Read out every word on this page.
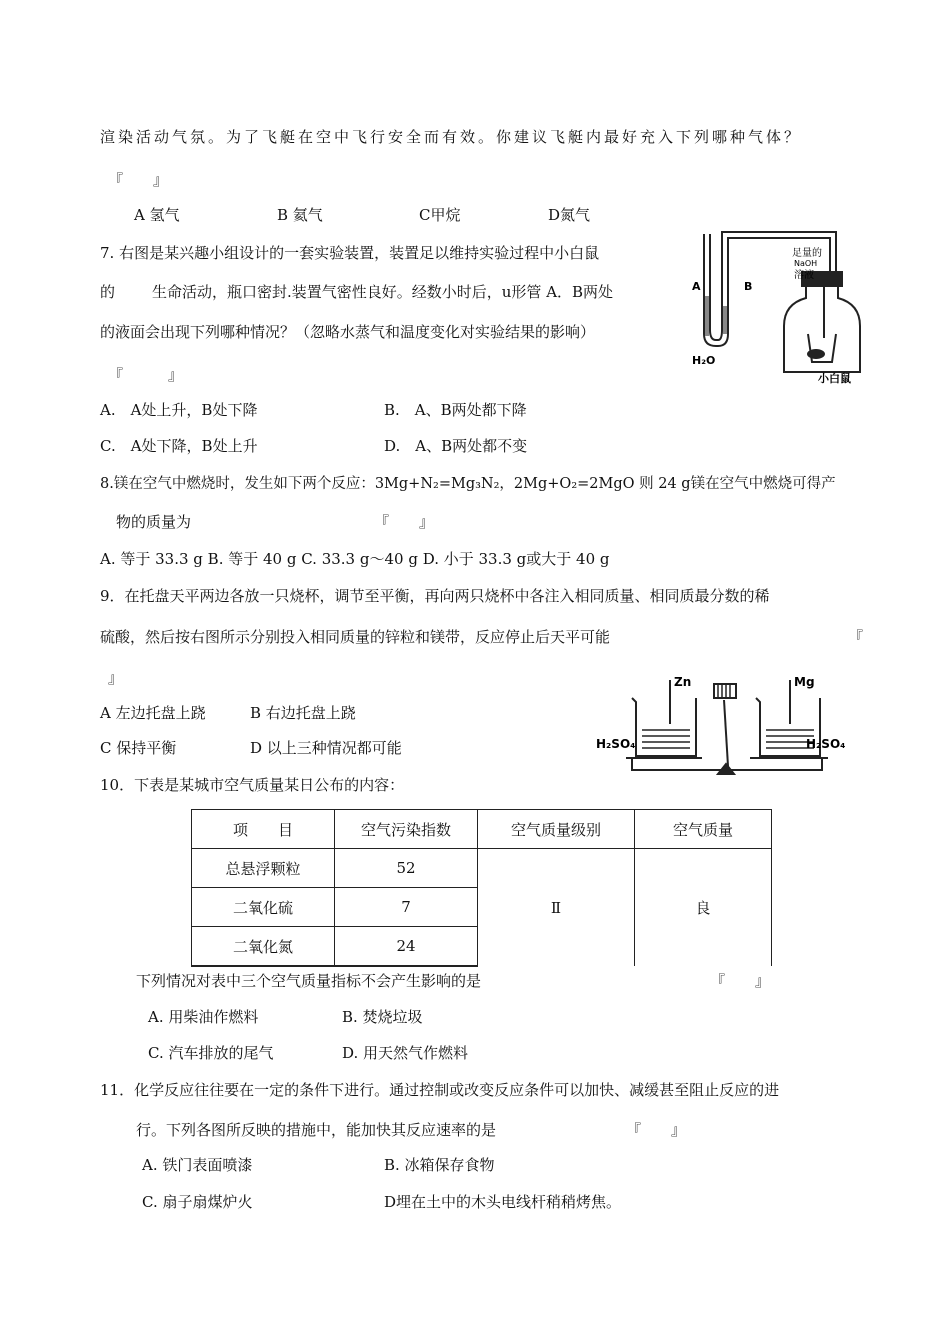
渲染活动气氛。为了飞艇在空中飞行安全而有效。你建议飞艇内最好充入下列哪种气体？
『　　』
A 氢气	B 氦气	C甲烷	D氮气
7. 右图是某兴趣小组设计的一套实验装置，装置足以维持实验过程中小白鼠
的 生命活动，瓶口密封.装置气密性良好。经数小时后，u形管 A．B两处
的液面会出现下列哪种情况？（忽略水蒸气和温度变化对实验结果的影响）
『　　　』
A.　A处上升，B处下降	B.　A、B两处都下降
C.　A处下降，B处上升	D.　A、B两处都不变
足量的
NaOH
溶液
A	B
H₂O
小白鼠
8.镁在空气中燃烧时，发生如下两个反应：3Mg+N₂=Mg₃N₂，2Mg+O₂=2MgO 则 24 g镁在空气中燃烧可得产
物的质量为	『　　』
A. 等于 33.3 g B. 等于 40 g C. 33.3 g～40 g D. 小于 33.3 g或大于 40 g
9．在托盘天平两边各放一只烧杯，调节至平衡，再向两只烧杯中各注入相同质量、相同质最分数的稀
硫酸，然后按右图所示分别投入相同质量的锌粒和镁带，反应停止后天平可能	『
』
A 左边托盘上跷	B 右边托盘上跷
C 保持平衡	D 以上三种情况都可能
Zn	Mg
H₂SO₄	H₂SO₄
10．下表是某城市空气质量某日公布的内容：
项　　目	空气污染指数	空气质量级别	空气质量
总悬浮颗粒	52	Ⅱ	良
二氧化硫	7		
二氧化氮	24		
下列情况对表中三个空气质量指标不会产生影响的是	『　　』
A. 用柴油作燃料	B. 焚烧垃圾
C. 汽车排放的尾气	D. 用天然气作燃料
11．化学反应往往要在一定的条件下进行。通过控制或改变反应条件可以加快、减缓甚至阻止反应的进
行。下列各图所反映的措施中，能加快其反应速率的是	『　　』
A. 铁门表面喷漆	B. 冰箱保存食物
C. 扇子扇煤炉火	D埋在土中的木头电线杆稍稍烤焦。
